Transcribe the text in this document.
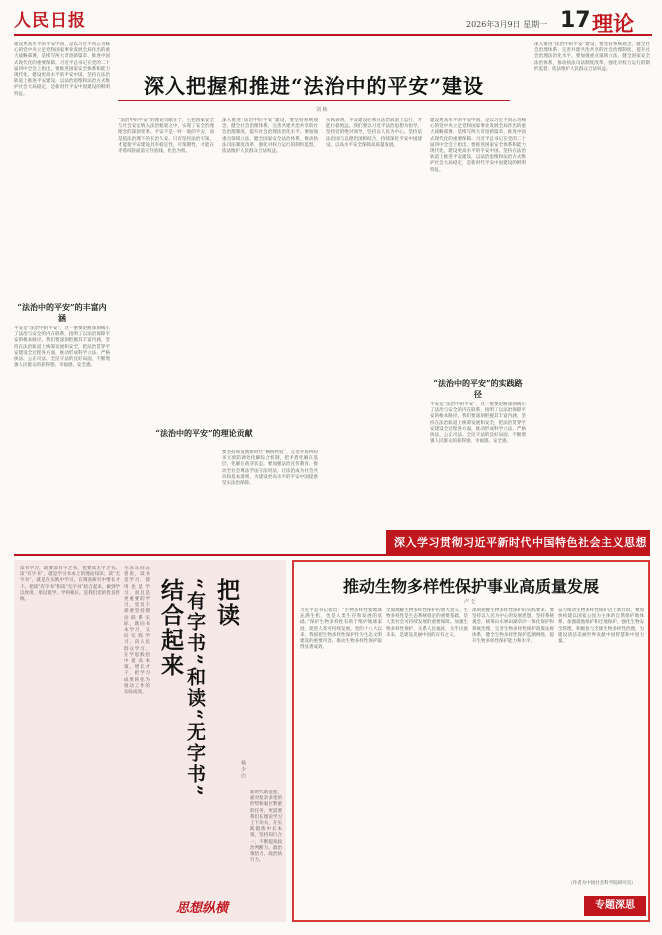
人民日报	2026年3月9日 星期一 17 理论
建设更高水平的平安中国，是以习近平同志为核心的党中央立足党和国家事业发展全局作出的重大战略部署，是续写两大奇迹新篇章、推进中国式现代化的重要保障。习近平总书记在党的二十届四中全会上指出，要推进国家安全体系和能力现代化，建设更高水平的平安中国。坚持在法治轨道上推进平安建设，以法治思维和法治方式维护社会大局稳定，是新时代平安中国建设的鲜明特征。	深入把握和推进“法治中的平安”建设
刘 栋
“法治中的平安”的丰富内涵
平安是“法治中的平安”，这一重要论断深刻揭示了法治与安全的内在联系，指明了以法治保障平安的根本路径。我们要深刻把握其丰富内涵，坚持在法治轨道上统筹发展和安全，把法治贯穿平安建设全过程各方面，推动形成科学立法、严格执法、公正司法、全民守法的良好局面，不断增强人民群众的获得感、幸福感、安全感。
“法治中的平安”的理论贡献在于，它把国家安全与社会安定纳入法治框架之中，实现了安全治理理念的深刻变革。平安不是一时一地的平安，而是依法治理下的长治久安。只有坚持法治引领，才能使平安建设具有稳定性、可预期性，才能在矛盾风险面前守住底线、化危为机。
深入推进“法治中的平安”建设，要坚持系统观念，健全社会治理体系，完善共建共治共享的社会治理制度，提升社会治理法治化水平。要加强重点领域立法，健全国家安全法治体系，推动执法司法制度改革，强化对权力运行的制约监督，依法维护人民群众合法权益。
“法治中的平安”的理论贡献
要坚持和发展新时代“枫桥经验”，完善矛盾纠纷多元预防调处化解综合机制，把矛盾化解在基层、化解在萌芽状态。要加强法治宣传教育，推动全社会尊法学法守法用法，让法治成为社会共识和基本准则，为建设更高水平的平安中国提供坚实法治保障。
实践表明，平安建设必须在法治轨道上运行，才能行稳致远。我们要以习近平法治思想为指导，坚持党的绝对领导，坚持以人民为中心，坚持依法治国与以德治国相结合，持续深化平安中国建设，以高水平安全保障高质量发展。
建设更高水平的平安中国，是以习近平同志为核心的党中央立足党和国家事业发展全局作出的重大战略部署，是续写两大奇迹新篇章、推进中国式现代化的重要保障。习近平总书记在党的二十届四中全会上指出，要推进国家安全体系和能力现代化，建设更高水平的平安中国。坚持在法治轨道上推进平安建设，以法治思维和法治方式维护社会大局稳定，是新时代平安中国建设的鲜明特征。
“法治中的平安”的实践路径
平安是“法治中的平安”，这一重要论断深刻揭示了法治与安全的内在联系，指明了以法治保障平安的根本路径。我们要深刻把握其丰富内涵，坚持在法治轨道上统筹发展和安全，把法治贯穿平安建设全过程各方面，推动形成科学立法、严格执法、公正司法、全民守法的良好局面，不断增强人民群众的获得感、幸福感、安全感。
深入推进“法治中的平安”建设，要坚持系统观念，健全社会治理体系，完善共建共治共享的社会治理制度，提升社会治理法治化水平。要加强重点领域立法，健全国家安全法治体系，推动执法司法制度改革，强化对权力运行的制约监督，依法维护人民群众合法权益。
深入学习贯彻习近平新时代中国特色社会主义思想
读书学习，既要读有字之书，也要读无字之书。读“有字书”，就是学习书本上的理论知识；读“无字书”，就是在实践中学习，在调查研究中增长才干。把读“有字书”和读“无字书”结合起来，做到学以致用、用以促学、学用相长，是我们党的优良传统。	把读
“有字书”和读“无字书”
结合起来
杨 少 白
毛泽东同志曾说，读书是学习，使用也是学习，而且是更重要的学习。党员干部要坚持理论联系实际，既向书本学习，又向实践学习、向人民群众学习，在学思践悟中提高本领、增长才干，把学习成果转化为推动工作的实际成效。
新时代新征程，面对复杂多变的形势和艰巨繁重的任务，更需要我们在理论学习上下功夫，在实践锻炼中长本领，坚持知行合一，不断提高政治判断力、政治领悟力、政治执行力。
思想纵横
推动生物多样性保护事业高质量发展
卢 仑
习近平总书记指出：“生物多样性使地球充满生机，也是人类生存和发展的基础。”保护生物多样性有助于维护地球家园，促进人类可持续发展。党的十八大以来，我国把生物多样性保护作为生态文明建设的重要内容，推动生物多样性保护取得显著成效。
全面理解生物多样性保护的重大意义。生物多样性是生态系统稳定的重要基础，是人类社会可持续发展的重要保障。加强生物多样性保护，关系人民福祉，关乎民族未来，是建设美丽中国的应有之义。
深刻把握生物多样性保护的实践要求。要坚持以人民为中心的发展思想，坚持系统观念，统筹山水林田湖草沙一体化保护和系统治理，完善生物多样性保护政策法规体系，健全生物多样性保护监测网络，提升生物多样性保护能力和水平。
奋力推动生物多样性保护迈上新台阶。要加快构建以国家公园为主体的自然保护地体系，加强就地保护和迁地保护，强化生物安全管理，积极参与全球生物多样性治理，为建设清洁美丽世界贡献中国智慧和中国力量。
（作者为中国社会科学院研究员）
专题深思
